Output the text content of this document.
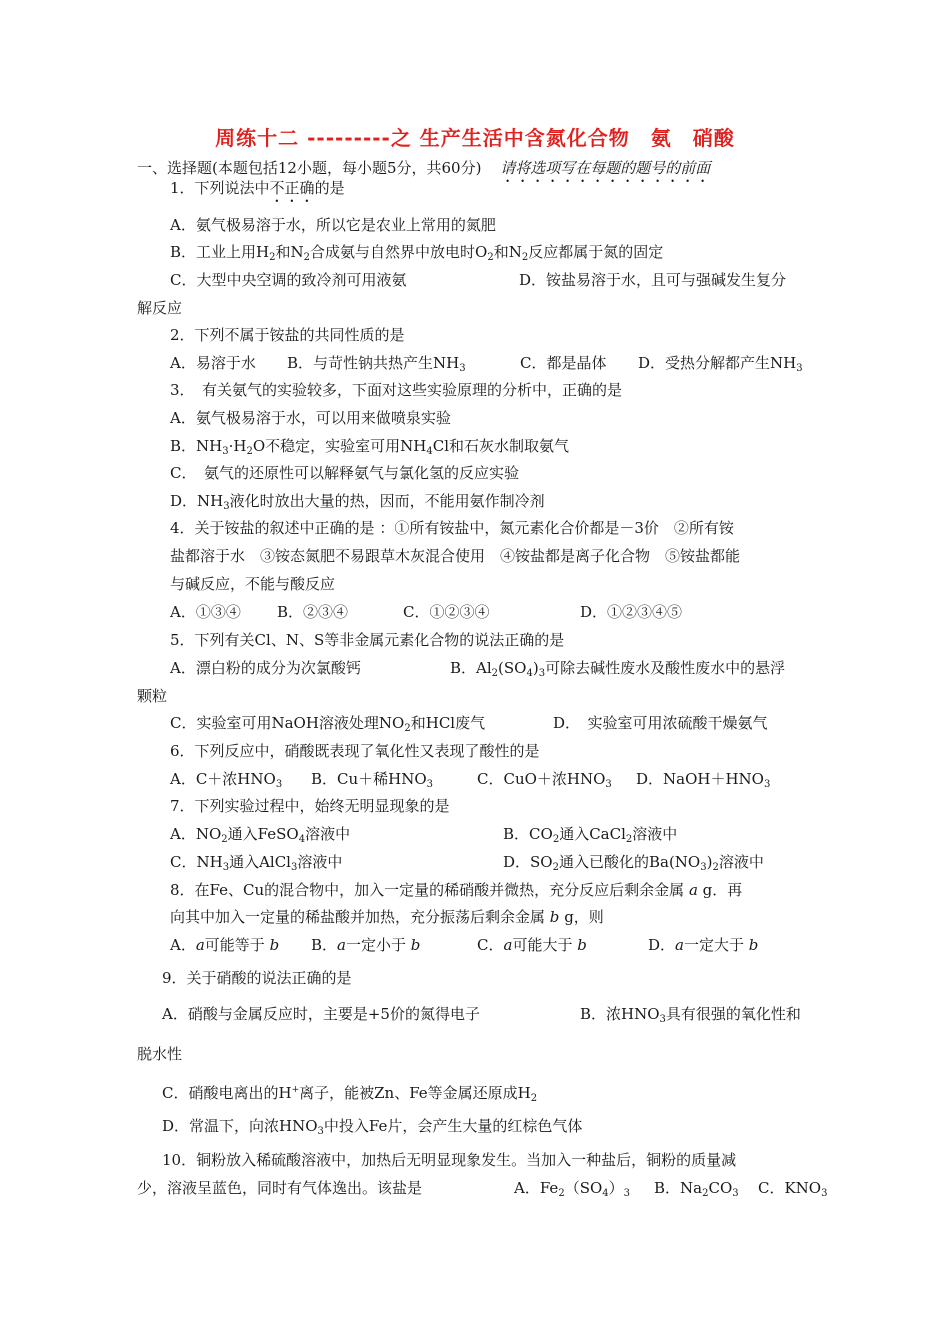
周练十二 ---------之 生产生活中含氮化合物　氨　硝酸
一、选择题(本题包括12小题，每小题5分，共60分) 请将选项写在每题的题号的前面
1．下列说法中不正确的是
A．氨气极易溶于水，所以它是农业上常用的氮肥
B．工业上用$H_2$和$N_2$合成氨与自然界中放电时$O_2$和$N_2$反应都属于氮的固定
C．大型中央空调的致冷剂可用液氨	D．铵盐易溶于水，且可与强碱发生复分
解反应
2．下列不属于铵盐的共同性质的是
A．易溶于水 B．与苛性钠共热产生$NH_3$	C．都是晶体 D．受热分解都产生$NH_3$
3．　有关氨气的实验较多，下面对这些实验原理的分析中，正确的是
A．氨气极易溶于水，可以用来做喷泉实验
B．$NH_3\cdot H_2O$不稳定，实验室可用$NH_4Cl$和石灰水制取氨气
C．　氨气的还原性可以解释氨气与氯化氢的反应实验
D．$NH_3$液化时放出大量的热，因而，不能用氨作制冷剂
4．关于铵盐的叙述中正确的是 ：①所有铵盐中，氮元素化合价都是－3价　②所有铵
盐都溶于水　③铵态氮肥不易跟草木灰混合使用　④铵盐都是离子化合物　⑤铵盐都能
与碱反应，不能与酸反应
A．①③④ B．②③④	C．①②③④	D．①②③④⑤
5．下列有关Cl、N、S等非金属元素化合物的说法正确的是
A．漂白粉的成分为次氯酸钙	B．$Al_2(SO_4)_3$可除去碱性废水及酸性废水中的悬浮
颗粒
C．实验室可用NaOH溶液处理$NO_2$和HCl废气	D．　实验室可用浓硫酸干燥氨气
6．下列反应中，硝酸既表现了氧化性又表现了酸性的是
A．C＋浓$HNO_3$ B．Cu＋稀$HNO_3$	C．CuO＋浓$HNO_3$ D．$NaOH+HNO_3$
7．下列实验过程中，始终无明显现象的是
A．$NO_2$通入FeSO$_4$溶液中	B．$CO_2$通入CaCl$_2$溶液中
C．$NH_3$通入AlCl$_3$溶液中	D．$SO_2$通入已酸化的$Ba(NO_3)_2$溶液中
8．在Fe、Cu的混合物中，加入一定量的稀硝酸并微热，充分反应后剩余金属 a g．再
向其中加入一定量的稀盐酸并加热，充分振荡后剩余金属 b g，则
A．a可能等于 b B．a一定小于 b	C．a可能大于 b	D．a一定大于 b
9．关于硝酸的说法正确的是
A．硝酸与金属反应时，主要是+5价的氮得电子	B．浓$HNO_3$具有很强的氧化性和
脱水性
C．硝酸电离出的H+离子，能被Zn、Fe等金属还原成$H_2$
D．常温下，向浓$HNO_3$中投入Fe片，会产生大量的红棕色气体
10．铜粉放入稀硫酸溶液中，加热后无明显现象发生。当加入一种盐后，铜粉的质量减
少，溶液呈蓝色，同时有气体逸出。该盐是	A．$Fe_2(SO_4)_3$ B．$Na_2CO_3$ C．$KNO_3$
